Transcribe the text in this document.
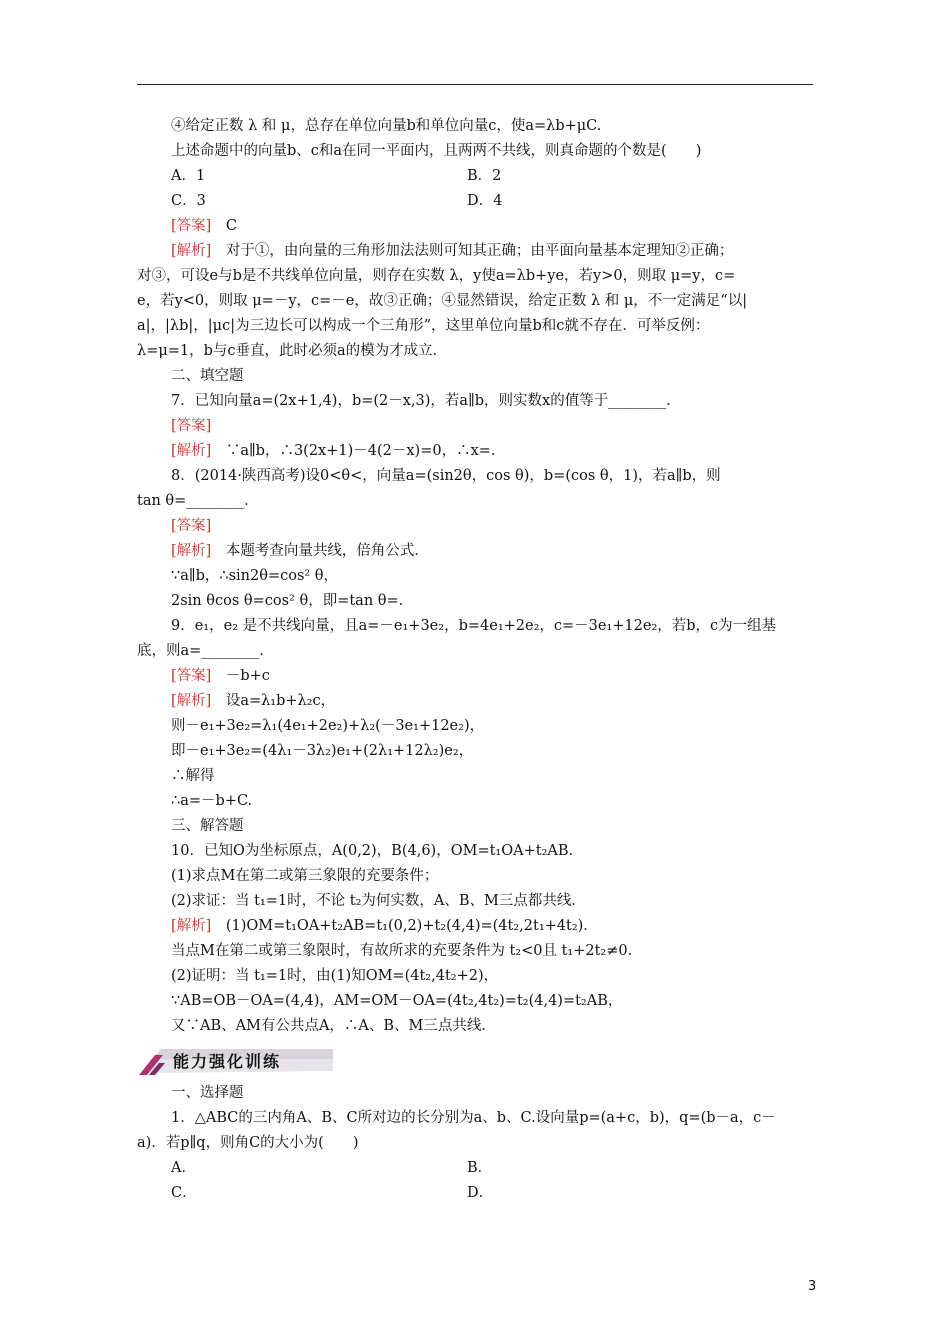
④给定正数 λ 和 μ，总存在单位向量b和单位向量c，使a=λb+μC.
上述命题中的向量b、c和a在同一平面内，且两两不共线，则真命题的个数是(　　)
A．1	B．2
C．3	D．4
[答案]　C
[解析]　对于①，由向量的三角形加法法则可知其正确；由平面向量基本定理知②正确；
对③，可设e与b是不共线单位向量，则存在实数 λ，y使a=λb+ye，若y>0，则取 μ=y，c=
e，若y<0，则取 μ=－y，c=－e，故③正确；④显然错误，给定正数 λ 和 μ，不一定满足“以|
a|，|λb|，|μc|为三边长可以构成一个三角形”，这里单位向量b和c就不存在．可举反例：
λ=μ=1，b与c垂直，此时必须a的模为才成立．
二、填空题
7．已知向量a=(2x+1,4)，b=(2－x,3)，若a∥b，则实数x的值等于________．
[答案]
[解析]　∵a∥b，∴3(2x+1)－4(2－x)=0，∴x=．
8．(2014·陕西高考)设0<θ<，向量a=(sin2θ，cos θ)，b=(cos θ，1)，若a∥b，则
tan θ=________．
[答案]
[解析]　本题考查向量共线，倍角公式．
∵a∥b，∴sin2θ=cos² θ，
2sin θcos θ=cos² θ，即=tan θ=．
9．e₁，e₂ 是不共线向量，且a=－e₁+3e₂，b=4e₁+2e₂，c=－3e₁+12e₂，若b，c为一组基
底，则a=________．
[答案]　－b+c
[解析]　设a=λ₁b+λ₂c，
则－e₁+3e₂=λ₁(4e₁+2e₂)+λ₂(－3e₁+12e₂)，
即－e₁+3e₂=(4λ₁－3λ₂)e₁+(2λ₁+12λ₂)e₂，
∴解得
∴a=－b+C.
三、解答题
10．已知O为坐标原点，A(0,2)，B(4,6)，OM=t₁OA+t₂AB.
(1)求点M在第二或第三象限的充要条件；
(2)求证：当 t₁=1时，不论 t₂为何实数，A、B、M三点都共线．
[解析]　(1)OM=t₁OA+t₂AB=t₁(0,2)+t₂(4,4)=(4t₂,2t₁+4t₂)．
当点M在第二或第三象限时，有故所求的充要条件为 t₂<0且 t₁+2t₂≠0.
(2)证明：当 t₁=1时，由(1)知OM=(4t₂,4t₂+2)，
∵AB=OB－OA=(4,4)，AM=OM－OA=(4t₂,4t₂)=t₂(4,4)=t₂AB，
又∵AB、AM有公共点A，∴A、B、M三点共线．
能力强化训练
一、选择题
1．△ABC的三内角A、B、C所对边的长分别为a、b、C.设向量p=(a+c，b)，q=(b－a，c－
a)．若p∥q，则角C的大小为(　　)
A．	B．
C．	D．
3
